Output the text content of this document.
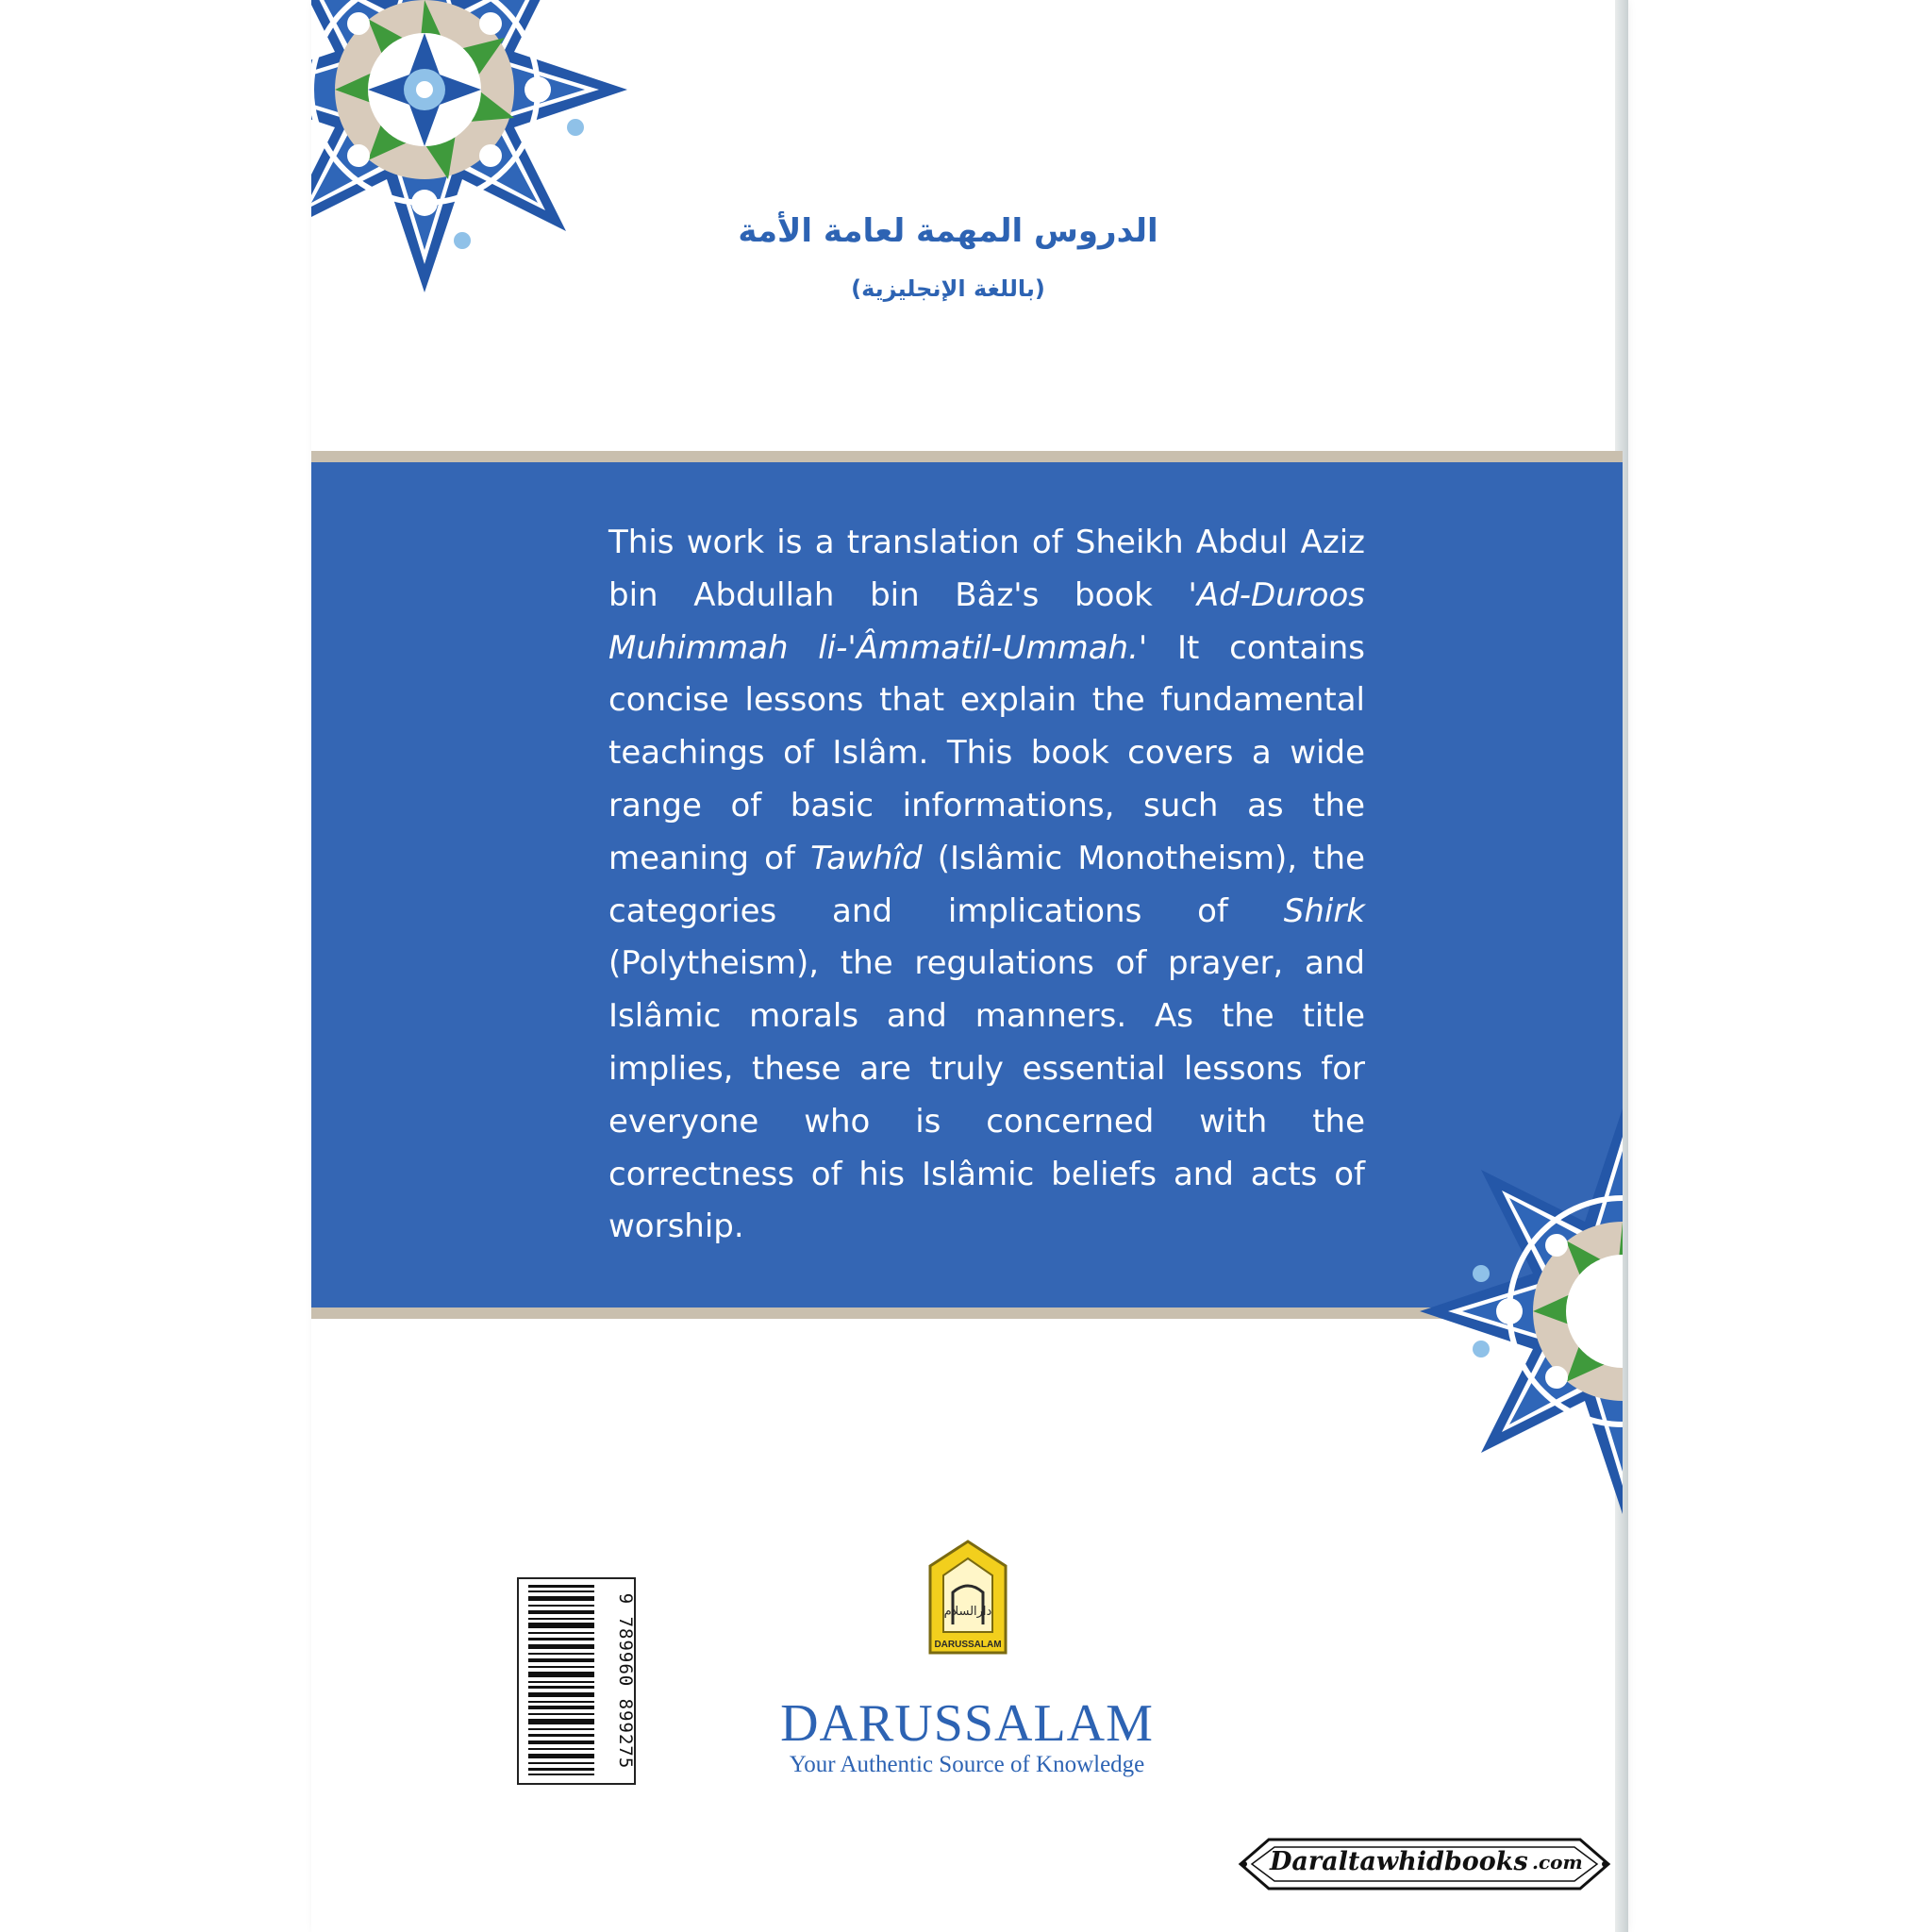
الدروس المهمة لعامة الأمة
(باللغة الإنجليزية)
This work is a translation of Sheikh Abdul Aziz bin Abdullah bin Bâz's book 'Ad-Duroos Muhimmah li-'Âmmatil-Ummah.' It contains concise lessons that explain the fundamental teachings of Islâm. This book covers a wide range of basic informations, such as the meaning of Tawhîd (Islâmic Monotheism), the categories and implications of Shirk (Polytheism), the regulations of prayer, and Islâmic morals and manners. As the title implies, these are truly essential lessons for everyone who is concerned with the correctness of his Islâmic beliefs and acts of worship.
9 789960 899275	دارالسلام
DARUSSALAM
DARUSSALAM
Your Authentic Source of Knowledge
Daraltawhidbooks .com
